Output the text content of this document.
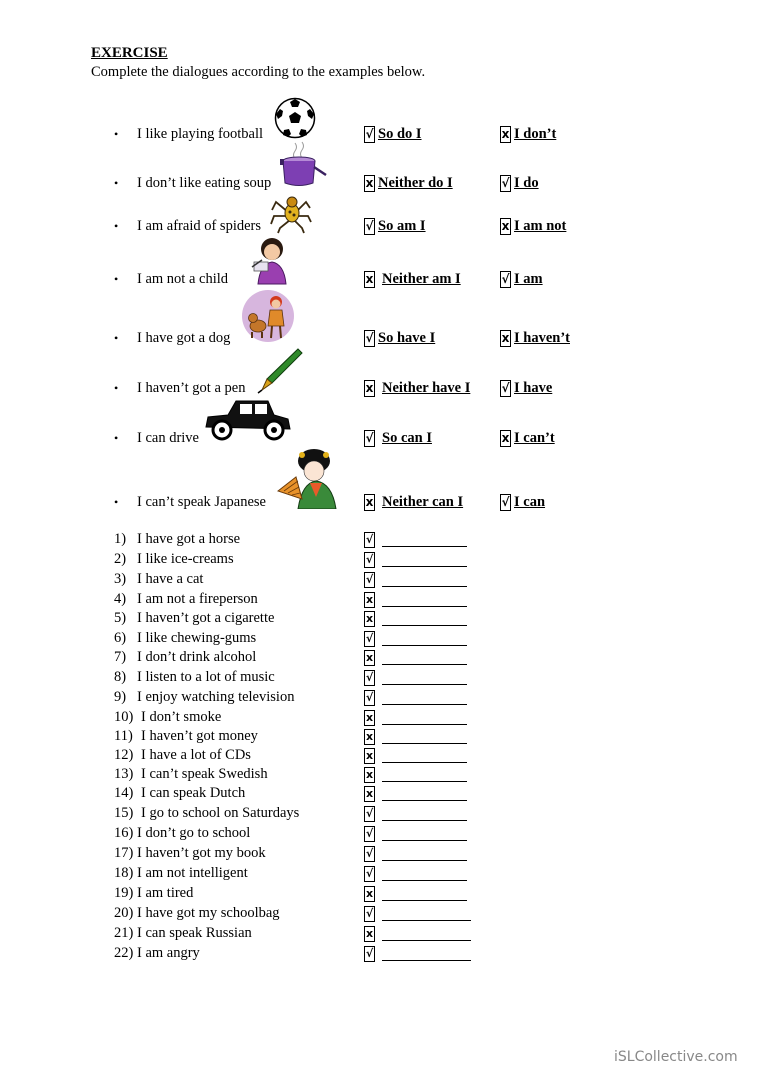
EXERCISE
Complete the dialogues according to the examples below.
• I like playing football	√ So do I	x I don’t
• I don’t like eating soup	x Neither do I	√ I do
• I am afraid of spiders	√ So am I	x I am not
• I am not a child	x Neither am I	√ I am
• I have got a dog	√ So have I	x I haven’t
• I haven’t got a pen	x Neither have I	√ I have
• I can drive	√ So can I	x I can’t
• I can’t speak Japanese	x Neither can I	√ I can
1) I have got a horse	√
2) I like ice-creams	√
3) I have a cat	√
4) I am not a fireperson	x
5) I haven’t got a cigarette	x
6) I like chewing-gums	√
7) I don’t drink alcohol	x
8) I listen to a lot of music	√
9) I enjoy watching television	√
10) I don’t smoke	x
11) I haven’t got money	x
12) I have a lot of CDs	x
13) I can’t speak Swedish	x
14) I can speak Dutch	x
15) I go to school on Saturdays	√
16) I don’t go to school	√
17) I haven’t got my book	√
18) I am not intelligent	√
19) I am tired	x
20) I have got my schoolbag	√
21) I can speak Russian	x
22) I am angry	√
iSLCollective.com
